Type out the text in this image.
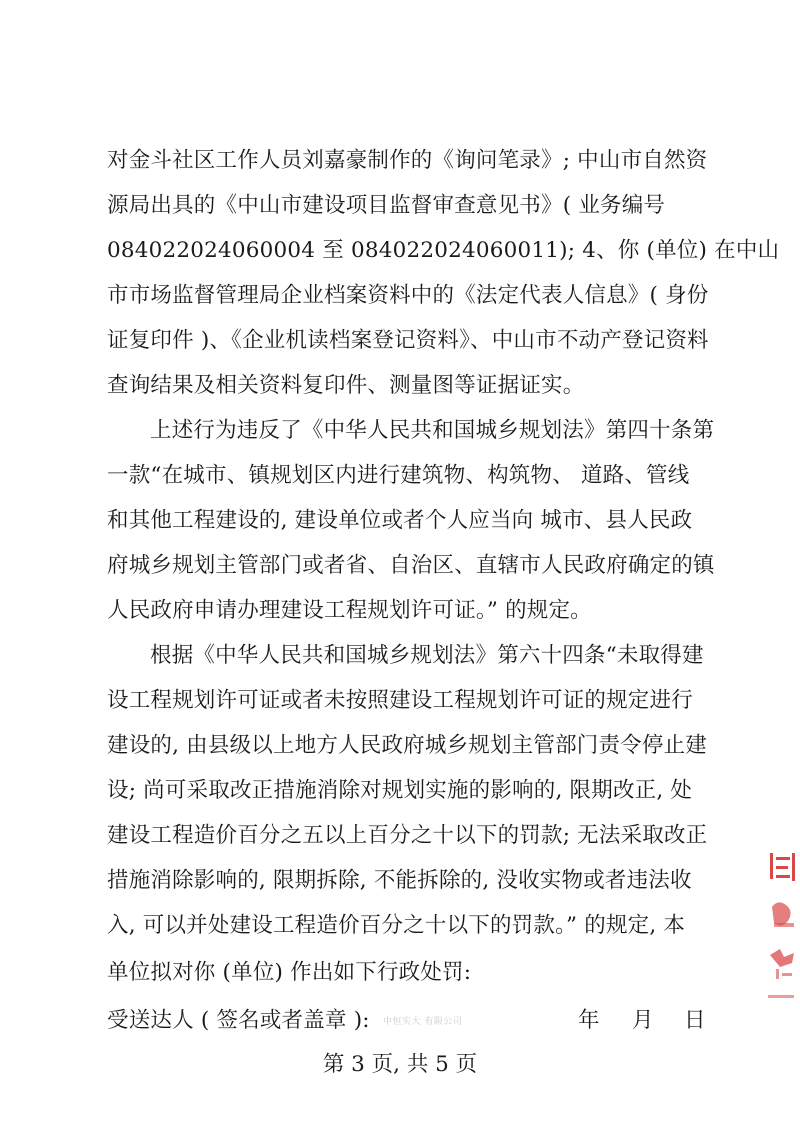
对金斗社区工作人员刘嘉豪制作的《询问笔录》; 中山市自然资
源局出具的《中山市建设项目监督审查意见书》( 业务编号
084022024060004 至 084022024060011); 4、你 (单位) 在中山
市市场监督管理局企业档案资料中的《法定代表人信息》( 身份
证复印件 )、《企业机读档案登记资料》、中山市不动产登记资料
查询结果及相关资料复印件、测量图等证据证实。
上述行为违反了《中华人民共和国城乡规划法》第四十条第
一款“在城市、镇规划区内进行建筑物、构筑物、 道路、管线
和其他工程建设的, 建设单位或者个人应当向 城市、县人民政
府城乡规划主管部门或者省、自治区、直辖市人民政府确定的镇
人民政府申请办理建设工程规划许可证。” 的规定。
根据《中华人民共和国城乡规划法》第六十四条“未取得建
设工程规划许可证或者未按照建设工程规划许可证的规定进行
建设的, 由县级以上地方人民政府城乡规划主管部门责令停止建
设; 尚可采取改正措施消除对规划实施的影响的, 限期改正, 处
建设工程造价百分之五以上百分之十以下的罚款; 无法采取改正
措施消除影响的, 限期拆除, 不能拆除的, 没收实物或者违法收
入, 可以并处建设工程造价百分之十以下的罚款。” 的规定, 本
单位拟对你 (单位) 作出如下行政处罚:
受送达人 ( 签名或者盖章 ): 中恒实大 有限公司	年 月 日
第 3 页, 共 5 页
